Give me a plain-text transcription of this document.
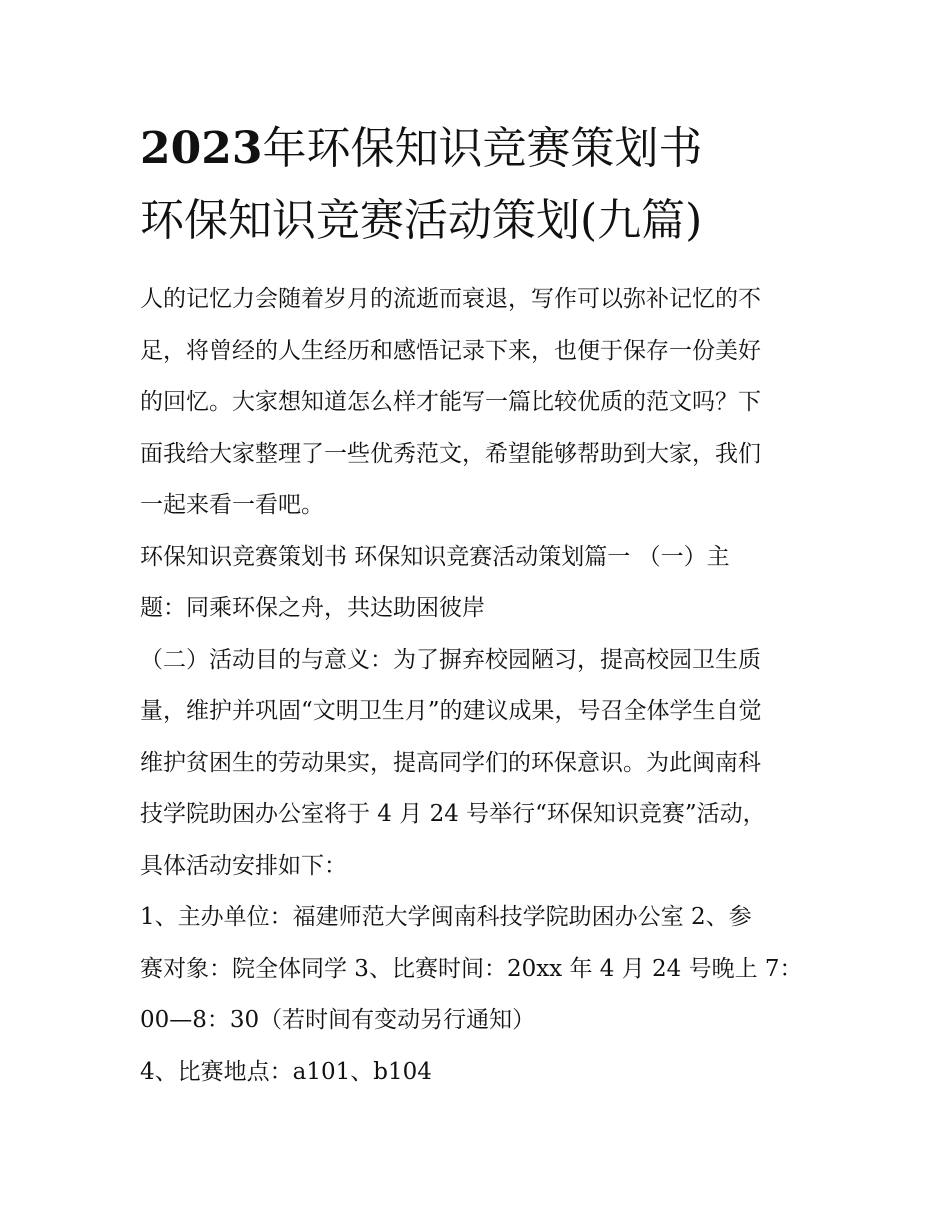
2023年环保知识竞赛策划书
环保知识竞赛活动策划(九篇)
人的记忆力会随着岁月的流逝而衰退，写作可以弥补记忆的不
足，将曾经的人生经历和感悟记录下来，也便于保存一份美好
的回忆。大家想知道怎么样才能写一篇比较优质的范文吗？下
面我给大家整理了一些优秀范文，希望能够帮助到大家，我们
一起来看一看吧。
环保知识竞赛策划书 环保知识竞赛活动策划篇一 （一）主
题：同乘环保之舟，共达助困彼岸
（二）活动目的与意义：为了摒弃校园陋习，提高校园卫生质
量，维护并巩固“文明卫生月”的建议成果，号召全体学生自觉
维护贫困生的劳动果实，提高同学们的环保意识。为此闽南科
技学院助困办公室将于 4 月 24 号举行“环保知识竞赛”活动，
具体活动安排如下：
1、主办单位：福建师范大学闽南科技学院助困办公室 2、参
赛对象：院全体同学 3、比赛时间：20xx 年 4 月 24 号晚上 7：
00—8：30（若时间有变动另行通知）
4、比赛地点：a101、b104
